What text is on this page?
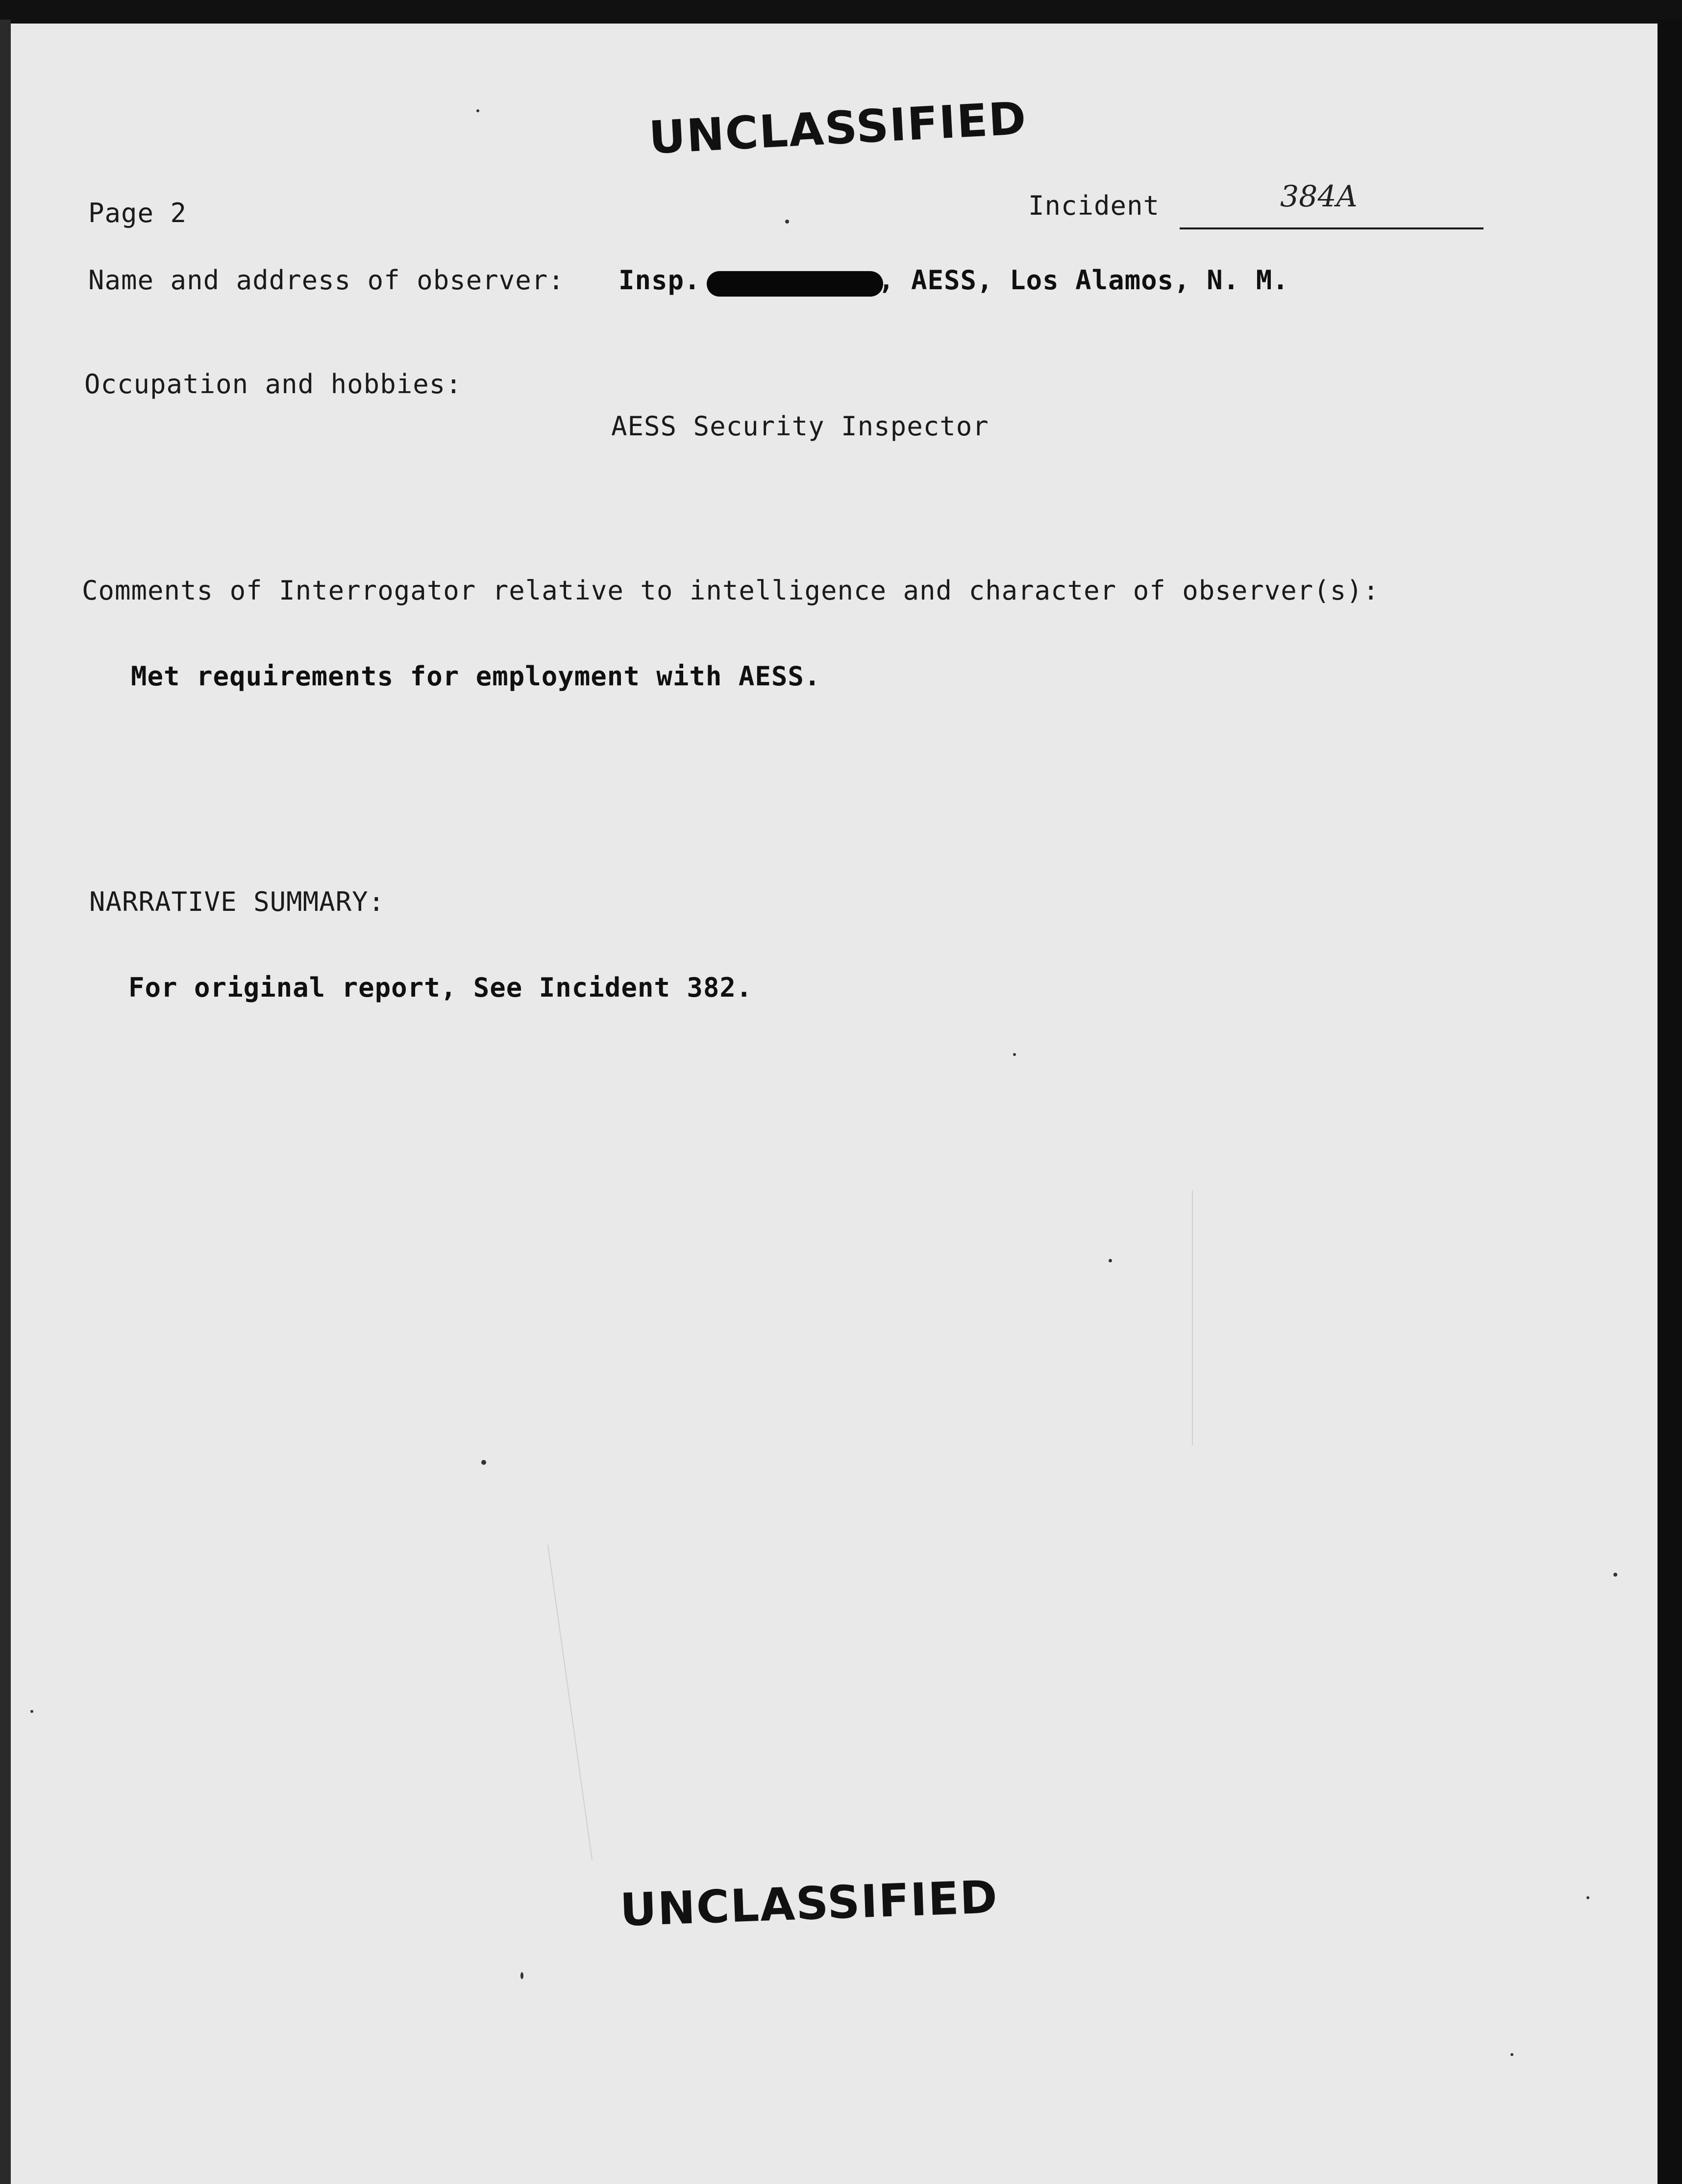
UNCLASSIFIED
Page 2	Incident	384A
Name and address of observer: Insp.	, AESS, Los Alamos, N. M.
Occupation and hobbies:
AESS Security Inspector
Comments of Interrogator relative to intelligence and character of observer(s):
Met requirements for employment with AESS.
NARRATIVE SUMMARY:
For original report, See Incident 382.
UNCLASSIFIED
